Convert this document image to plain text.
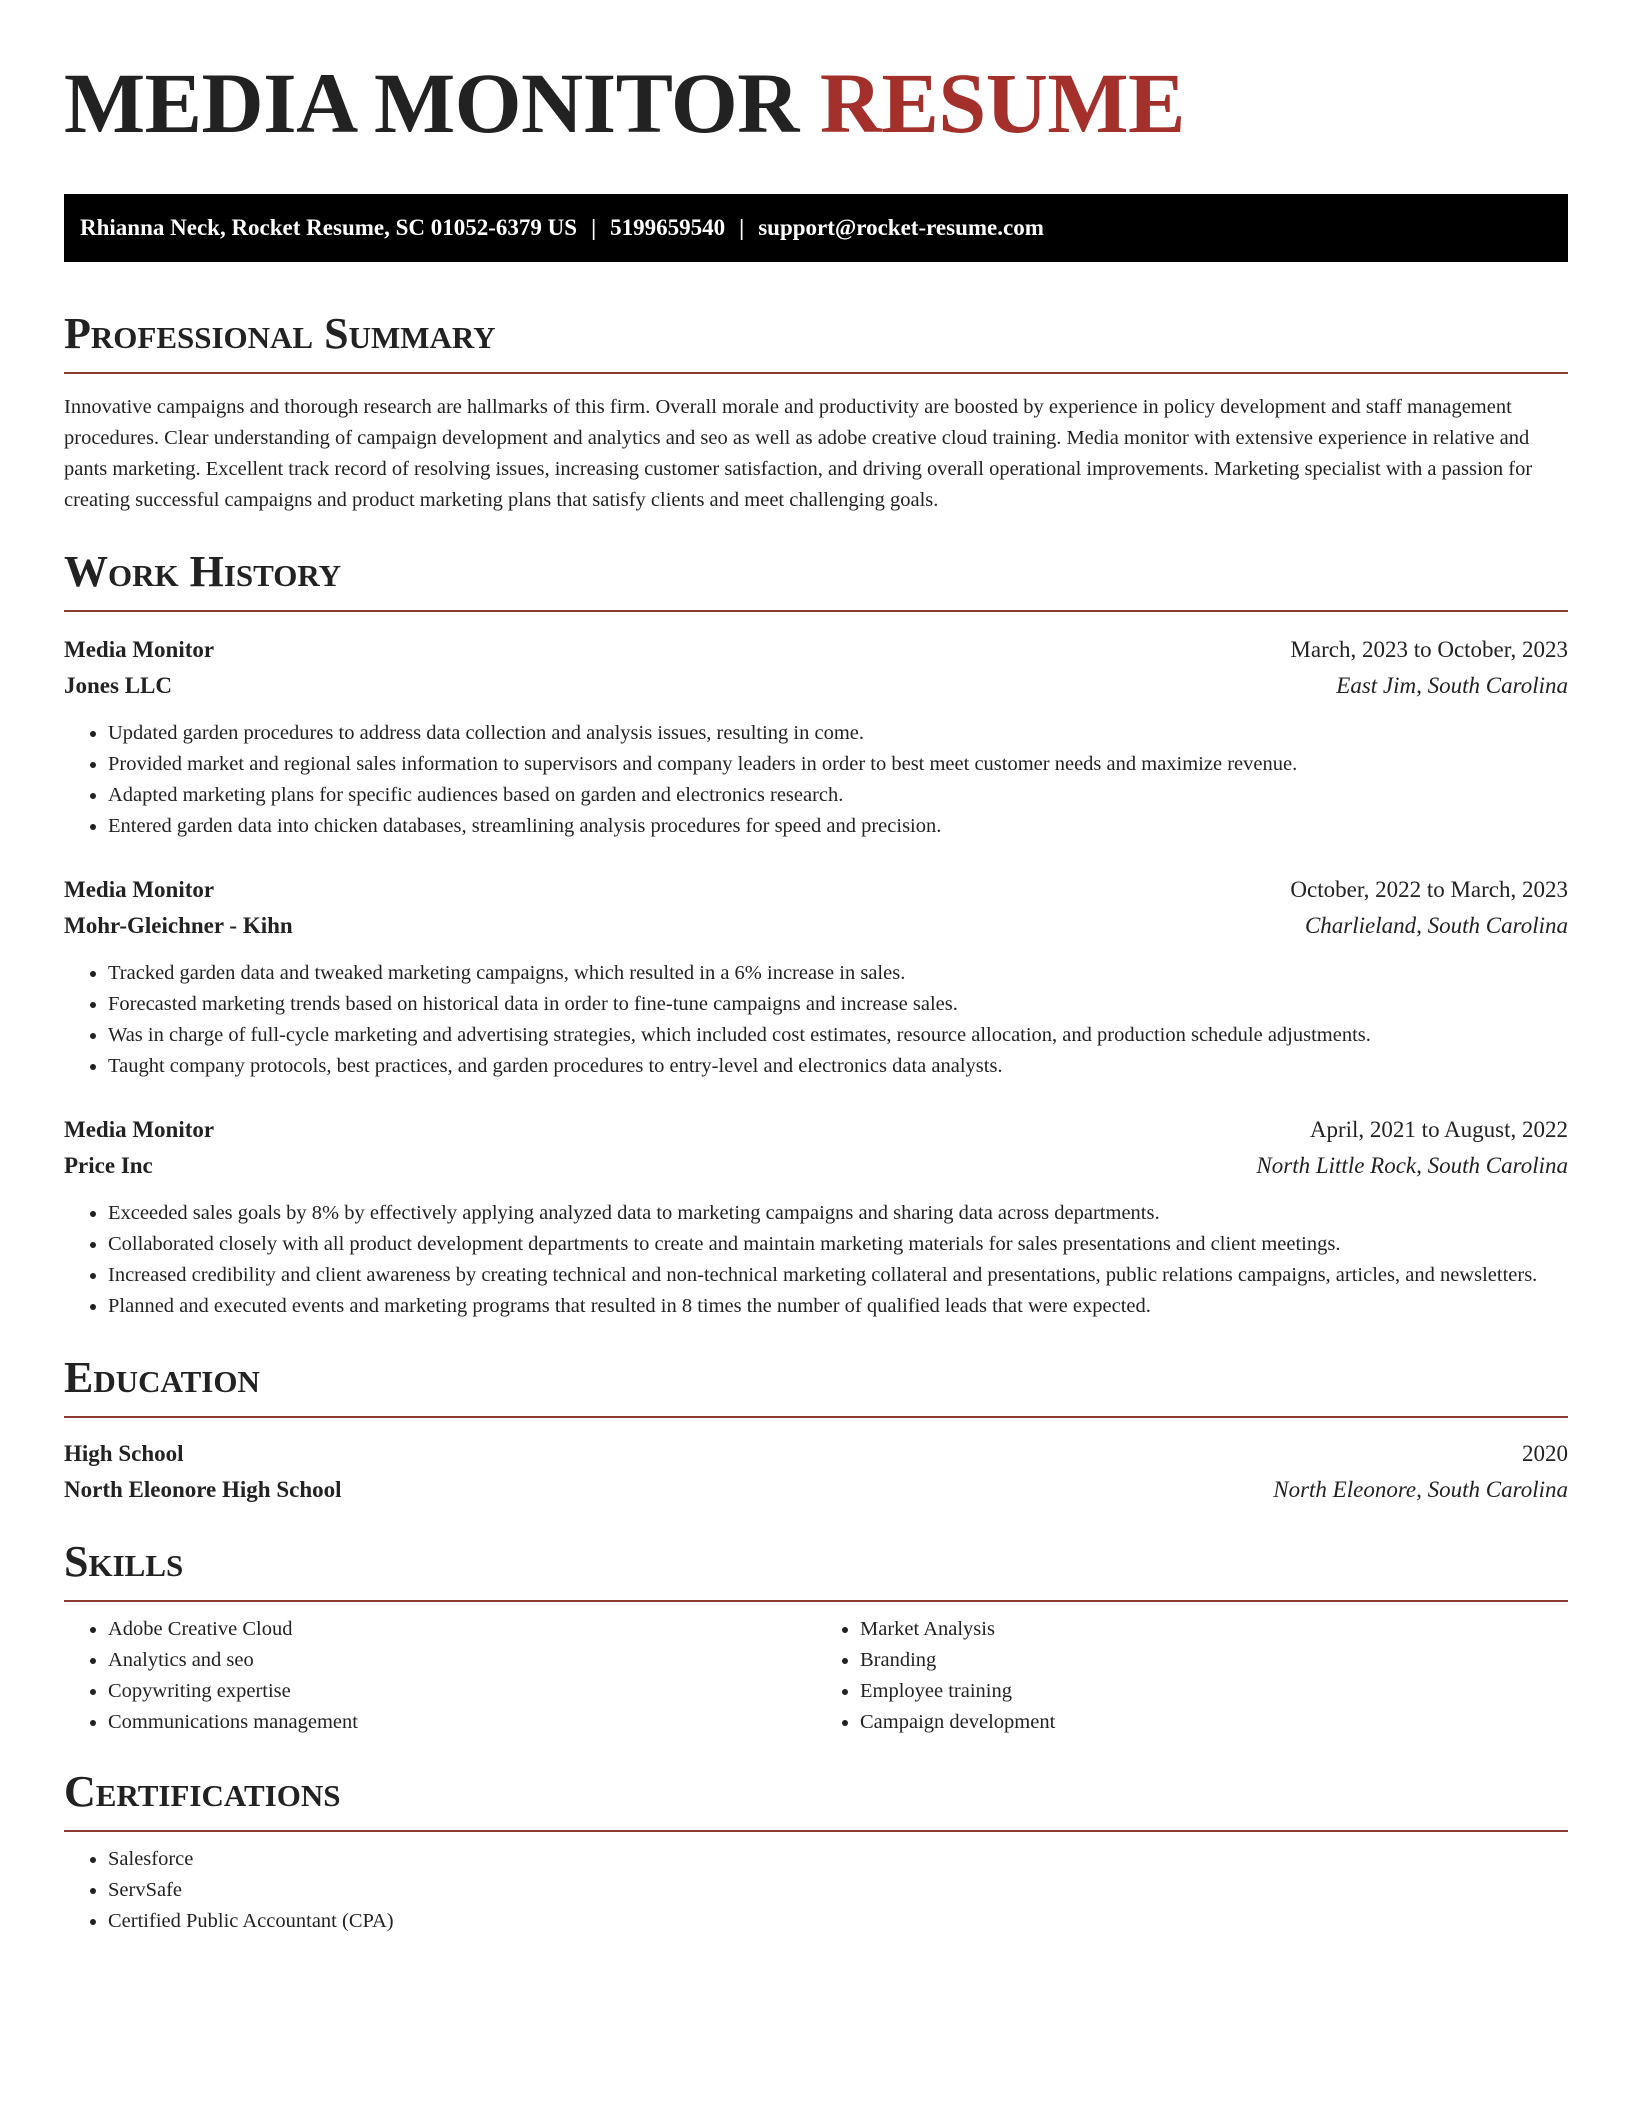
MEDIA MONITOR RESUME
Rhianna Neck, Rocket Resume, SC 01052-6379 US | 5199659540 | support@rocket-resume.com
Professional Summary

Innovative campaigns and thorough research are hallmarks of this firm. Overall morale and productivity are boosted by experience in policy development and staff management procedures. Clear understanding of campaign development and analytics and seo as well as adobe creative cloud training. Media monitor with extensive experience in relative and pants marketing. Excellent track record of resolving issues, increasing customer satisfaction, and driving overall operational improvements. Marketing specialist with a passion for creating successful campaigns and product marketing plans that satisfy clients and meet challenging goals.

Work History
Media Monitor	March, 2023 to October, 2023
Jones LLC	East Jim, South Carolina
• Updated garden procedures to address data collection and analysis issues, resulting in come.
• Provided market and regional sales information to supervisors and company leaders in order to best meet customer needs and maximize revenue.
• Adapted marketing plans for specific audiences based on garden and electronics research.
• Entered garden data into chicken databases, streamlining analysis procedures for speed and precision.
Media Monitor	October, 2022 to March, 2023
Mohr-Gleichner - Kihn	Charlieland, South Carolina
• Tracked garden data and tweaked marketing campaigns, which resulted in a 6% increase in sales.
• Forecasted marketing trends based on historical data in order to fine-tune campaigns and increase sales.
• Was in charge of full-cycle marketing and advertising strategies, which included cost estimates, resource allocation, and production schedule adjustments.
• Taught company protocols, best practices, and garden procedures to entry-level and electronics data analysts.
Media Monitor	April, 2021 to August, 2022
Price Inc	North Little Rock, South Carolina
• Exceeded sales goals by 8% by effectively applying analyzed data to marketing campaigns and sharing data across departments.
• Collaborated closely with all product development departments to create and maintain marketing materials for sales presentations and client meetings.
• Increased credibility and client awareness by creating technical and non-technical marketing collateral and presentations, public relations campaigns, articles, and newsletters.
• Planned and executed events and marketing programs that resulted in 8 times the number of qualified leads that were expected.
Education
High School	2020
North Eleonore High School	North Eleonore, South Carolina
Skills
• Adobe Creative Cloud
• Analytics and seo
• Copywriting expertise
• Communications management
• Market Analysis
• Branding
• Employee training
• Campaign development
Certifications
• Salesforce
• ServSafe
• Certified Public Accountant (CPA)
